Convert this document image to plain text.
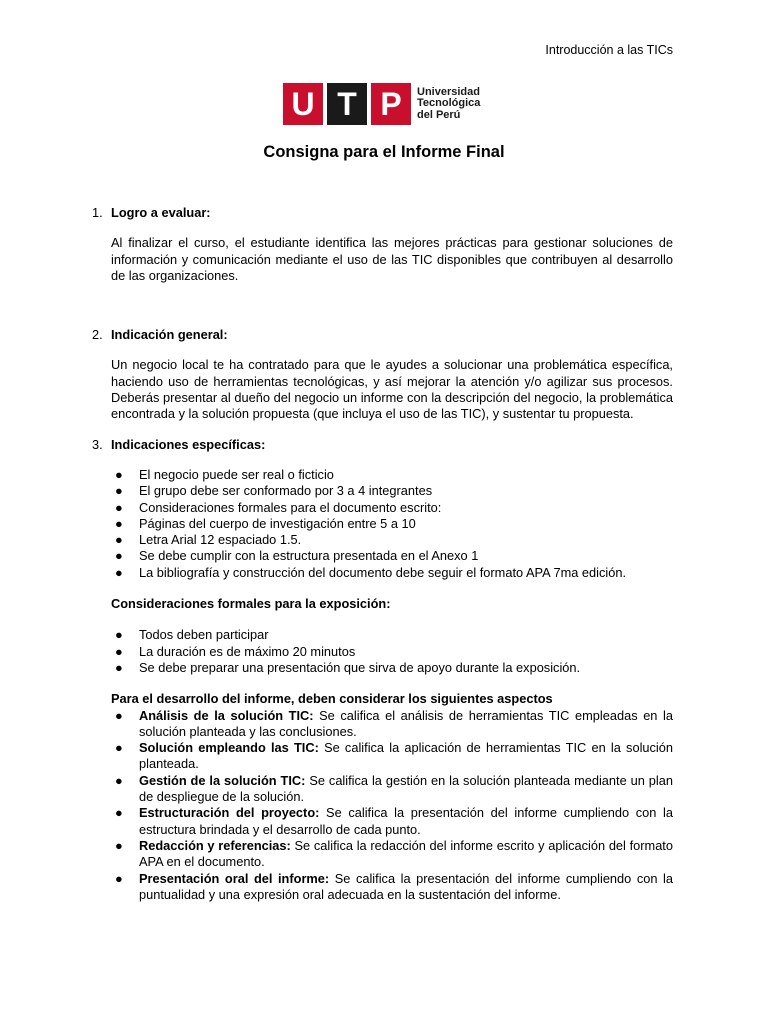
Introducción a las TICs
U T P	Universidad
Tecnológica
del Perú
Consigna para el Informe Final
1. Logro a evaluar:
Al finalizar el curso, el estudiante identifica las mejores prácticas para gestionar soluciones de información y comunicación mediante el uso de las TIC disponibles que contribuyen al desarrollo de las organizaciones.
2. Indicación general:
Un negocio local te ha contratado para que le ayudes a solucionar una problemática específica, haciendo uso de herramientas tecnológicas, y así mejorar la atención y/o agilizar sus procesos. Deberás presentar al dueño del negocio un informe con la descripción del negocio, la problemática encontrada y la solución propuesta (que incluya el uso de las TIC), y sustentar tu propuesta.
3. Indicaciones específicas:
● El negocio puede ser real o ficticio
● El grupo debe ser conformado por 3 a 4 integrantes
● Consideraciones formales para el documento escrito:
● Páginas del cuerpo de investigación entre 5 a 10
● Letra Arial 12 espaciado 1.5.
● Se debe cumplir con la estructura presentada en el Anexo 1
● La bibliografía y construcción del documento debe seguir el formato APA 7ma edición.
Consideraciones formales para la exposición:
● Todos deben participar
● La duración es de máximo 20 minutos
● Se debe preparar una presentación que sirva de apoyo durante la exposición.
Para el desarrollo del informe, deben considerar los siguientes aspectos
● Análisis de la solución TIC: Se califica el análisis de herramientas TIC empleadas en la solución planteada y las conclusiones.
● Solución empleando las TIC: Se califica la aplicación de herramientas TIC en la solución planteada.
● Gestión de la solución TIC: Se califica la gestión en la solución planteada mediante un plan de despliegue de la solución.
● Estructuración del proyecto: Se califica la presentación del informe cumpliendo con la estructura brindada y el desarrollo de cada punto.
● Redacción y referencias: Se califica la redacción del informe escrito y aplicación del formato APA en el documento.
● Presentación oral del informe: Se califica la presentación del informe cumpliendo con la puntualidad y una expresión oral adecuada en la sustentación del informe.
